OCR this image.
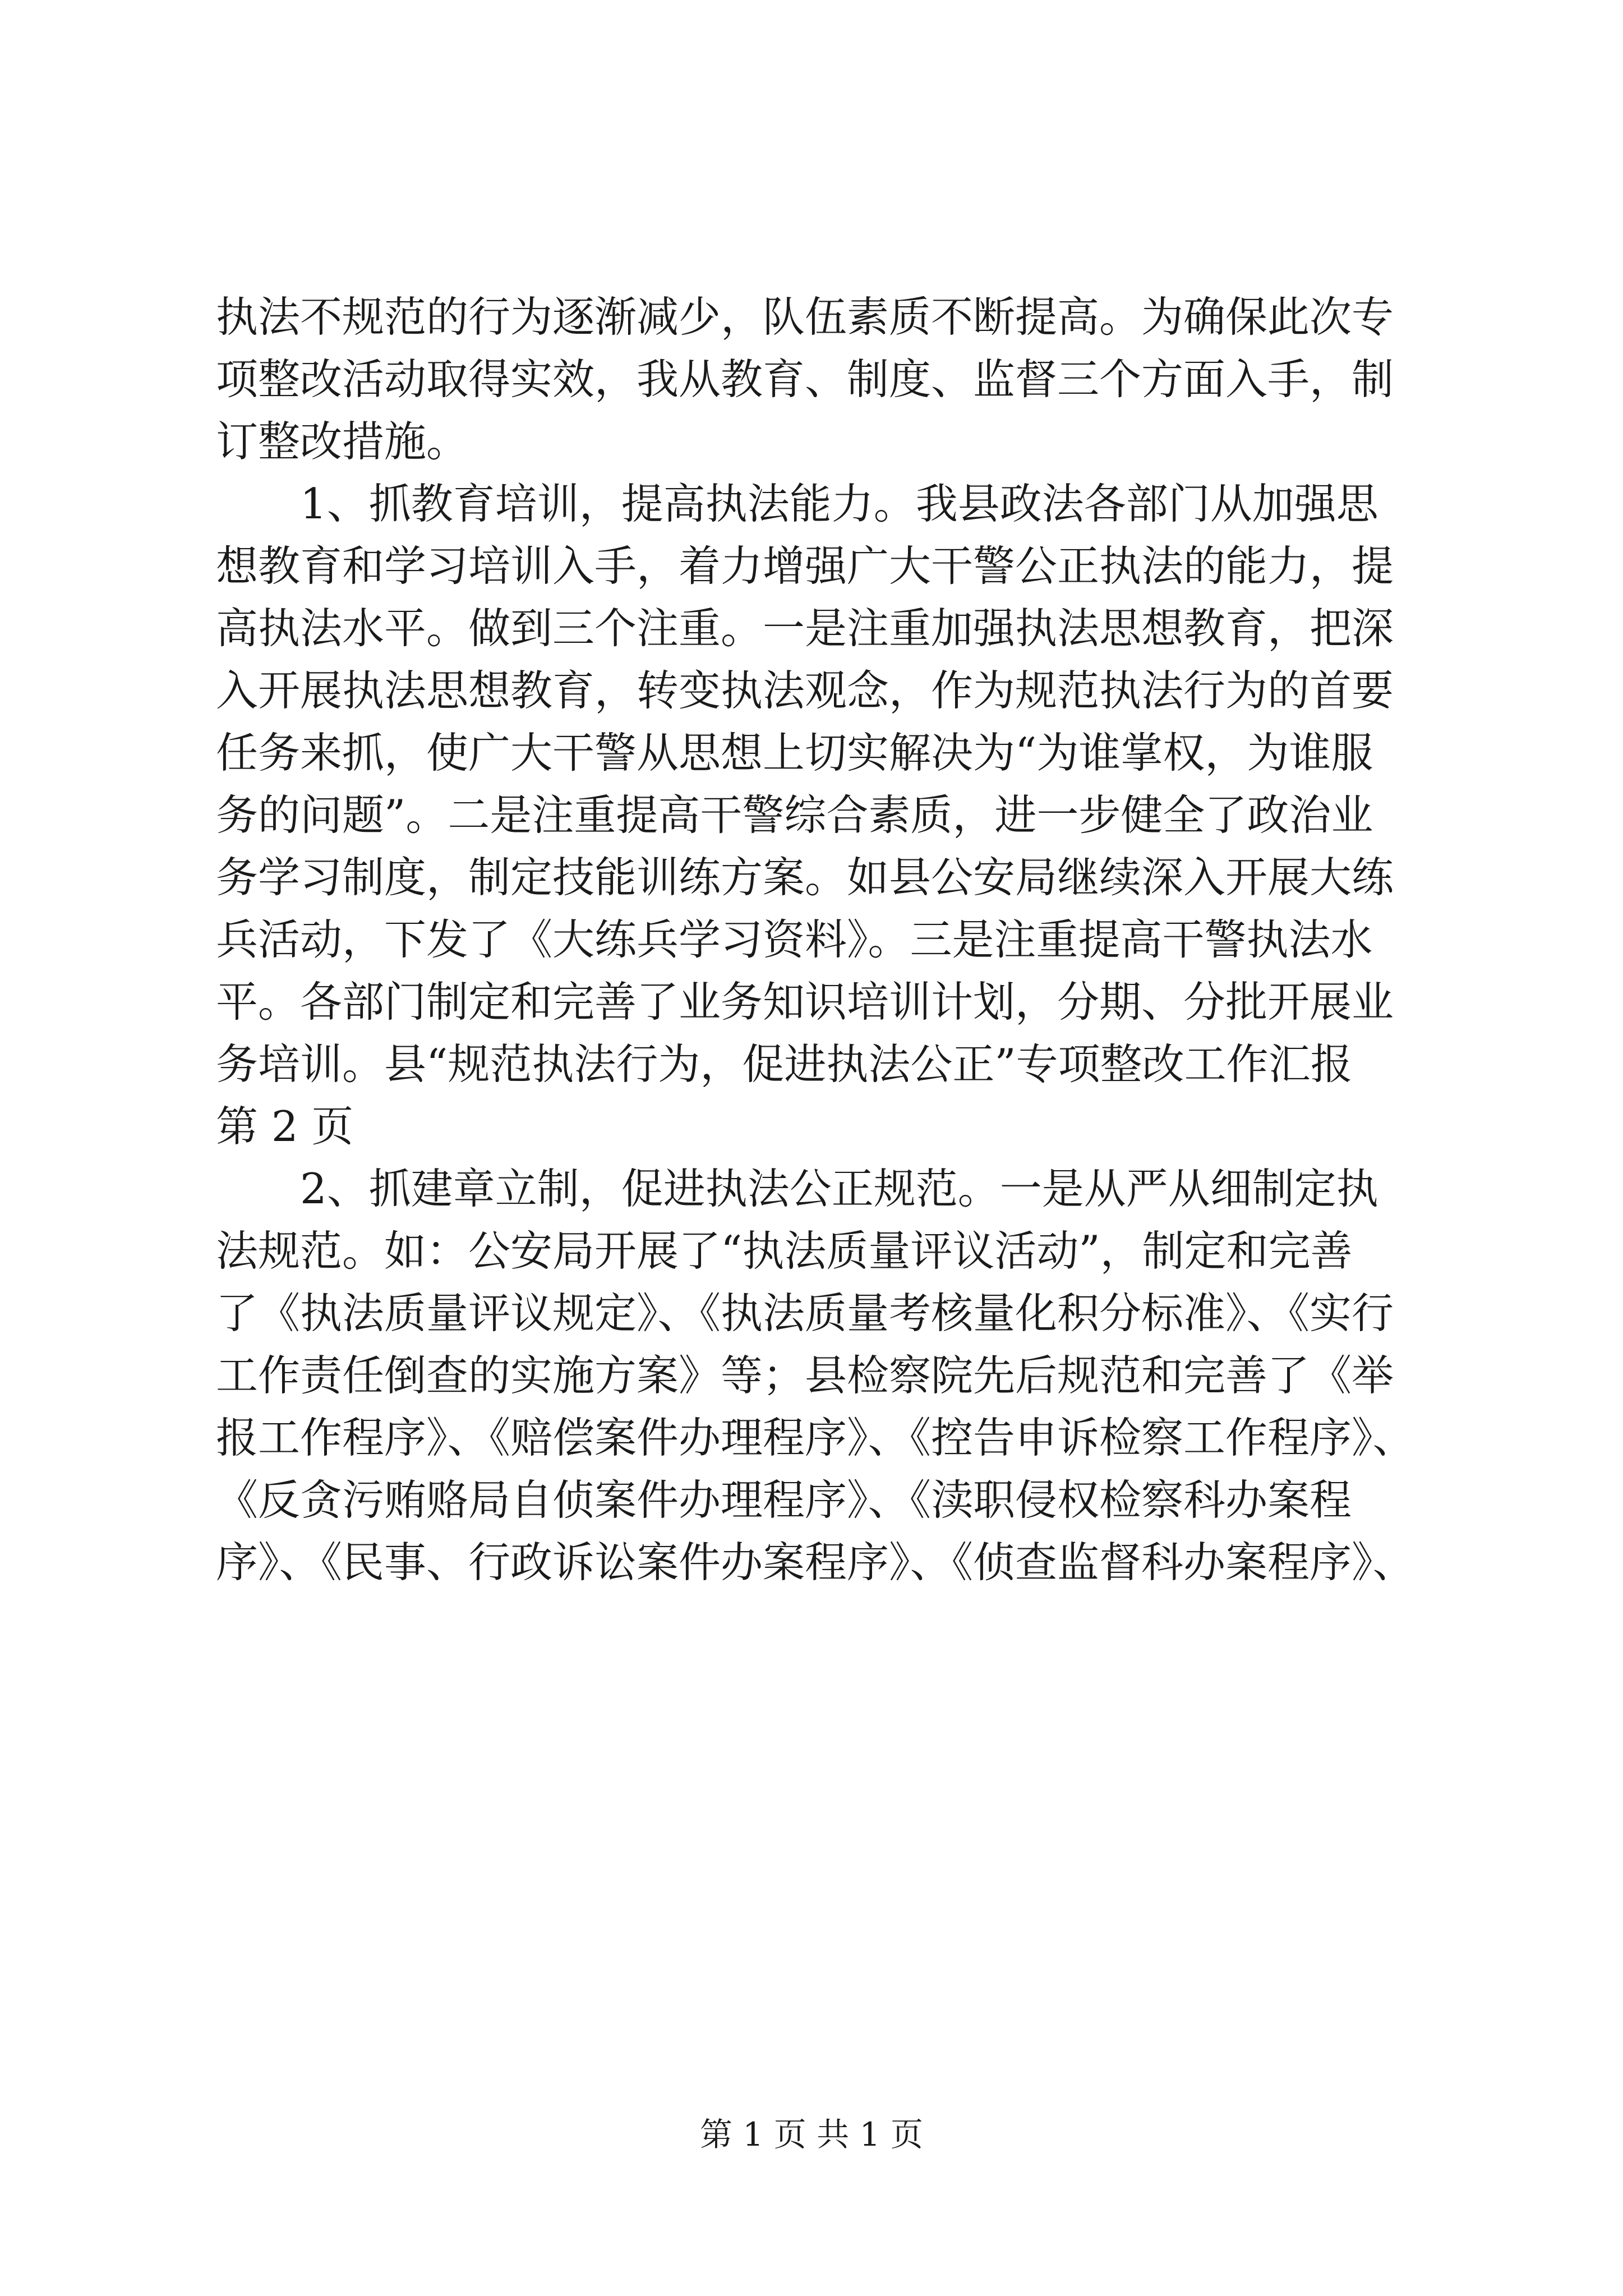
执法不规范的行为逐渐减少，队伍素质不断提高。为确保此次专
项整改活动取得实效，我从教育、制度、监督三个方面入手，制
订整改措施。
　　1、抓教育培训，提高执法能力。我县政法各部门从加强思
想教育和学习培训入手，着力增强广大干警公正执法的能力，提
高执法水平。做到三个注重。一是注重加强执法思想教育，把深
入开展执法思想教育，转变执法观念，作为规范执法行为的首要
任务来抓，使广大干警从思想上切实解决为“为谁掌权，为谁服
务的问题”。二是注重提高干警综合素质，进一步健全了政治业
务学习制度，制定技能训练方案。如县公安局继续深入开展大练
兵活动，下发了《大练兵学习资料》。三是注重提高干警执法水
平。各部门制定和完善了业务知识培训计划，分期、分批开展业
务培训。县“规范执法行为，促进执法公正”专项整改工作汇报
第 2 页
　　2、抓建章立制，促进执法公正规范。一是从严从细制定执
法规范。如：公安局开展了“执法质量评议活动”，制定和完善
了《执法质量评议规定》、《执法质量考核量化积分标准》、《实行
工作责任倒查的实施方案》等；县检察院先后规范和完善了《举
报工作程序》、《赔偿案件办理程序》、《控告申诉检察工作程序》、
《反贪污贿赂局自侦案件办理程序》、《渎职侵权检察科办案程
序》、《民事、行政诉讼案件办案程序》、《侦查监督科办案程序》、
第 1 页 共 1 页
